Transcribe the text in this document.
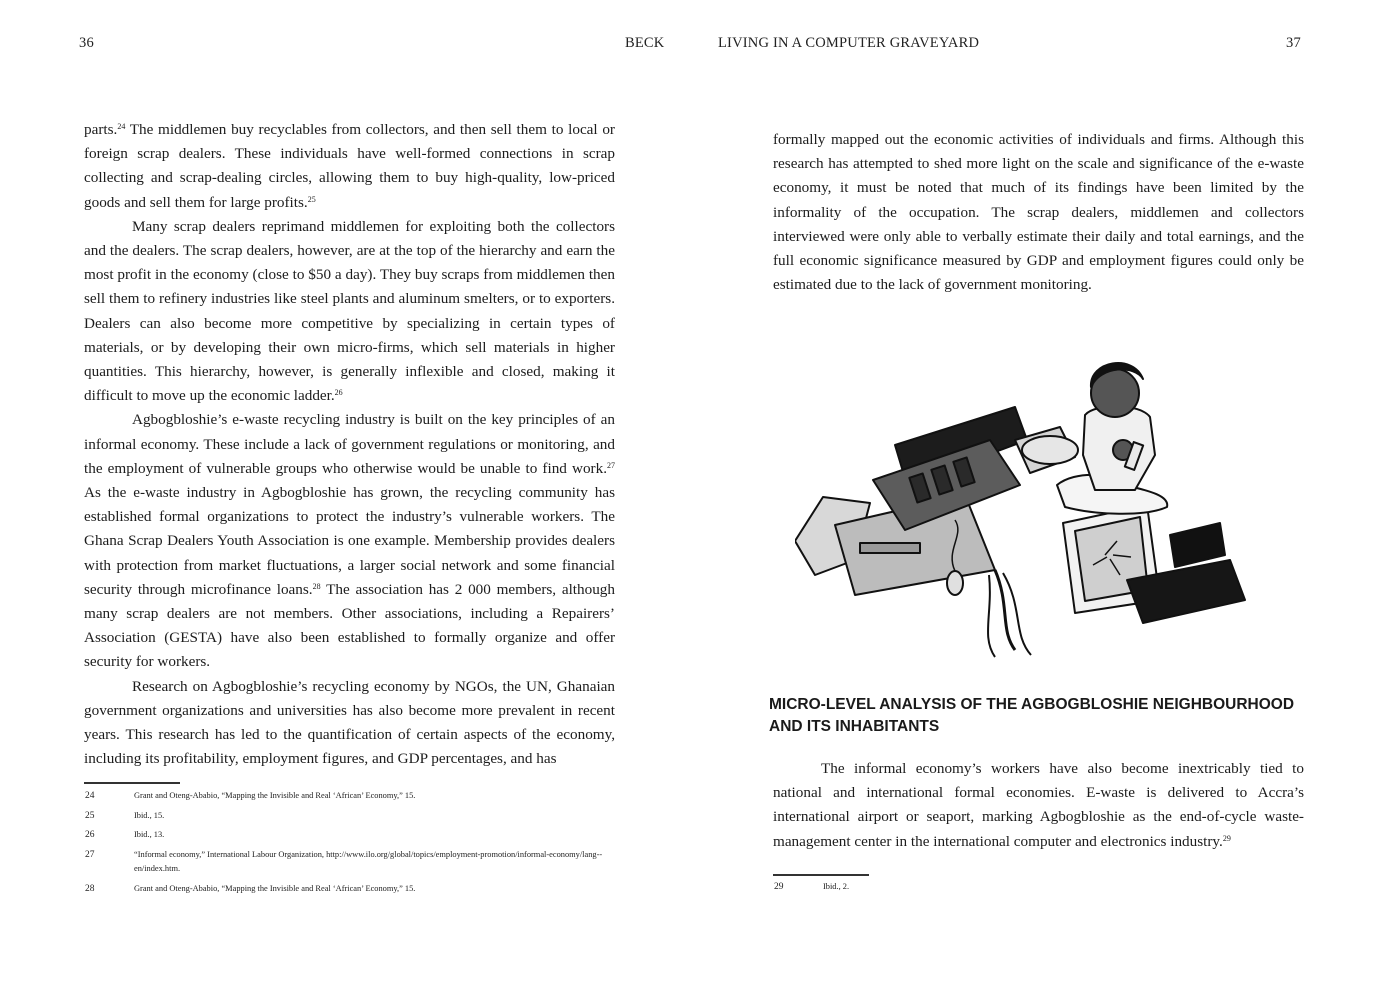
36	BECK

parts.$^{24}$ The middlemen buy recyclables from collectors, and then sell them to local or foreign scrap dealers. These individuals have well-formed connections in scrap collecting and scrap-dealing circles, allowing them to buy high-quality, low-priced goods and sell them for large profits.$^{25}$

Many scrap dealers reprimand middlemen for exploiting both the collectors and the dealers. The scrap dealers, however, are at the top of the hierarchy and earn the most profit in the economy (close to $50 a day). They buy scraps from middlemen then sell them to refinery industries like steel plants and aluminum smelters, or to exporters. Dealers can also become more competitive by specializing in certain types of materials, or by developing their own micro-firms, which sell materials in higher quantities. This hierarchy, however, is generally inflexible and closed, making it difficult to move up the economic ladder.$^{26}$

Agbogbloshie’s e-waste recycling industry is built on the key principles of an informal economy. These include a lack of government regulations or monitoring, and the employment of vulnerable groups who otherwise would be unable to find work.$^{27}$ As the e-waste industry in Agbogbloshie has grown, the recycling community has established formal organizations to protect the industry’s vulnerable workers. The Ghana Scrap Dealers Youth Association is one example. Membership provides dealers with protection from market fluctuations, a larger social network and some financial security through microfinance loans.$^{28}$ The association has 2 000 members, although many scrap dealers are not members. Other associations, including a Repairers’ Association (GESTA) have also been established to formally organize and offer security for workers.

Research on Agbogbloshie’s recycling economy by NGOs, the UN, Ghanaian government organizations and universities has also become more prevalent in recent years. This research has led to the quantification of certain aspects of the economy, including its profitability, employment figures, and GDP percentages, and has

24	Grant and Oteng-Ababio, “Mapping the Invisible and Real ‘African’ Economy,” 15.
25	Ibid., 15.
26	Ibid., 13.
27	“Informal economy,” International Labour Organization, http://www.ilo.org/global/topics/employment-promotion/informal-economy/lang--en/index.htm.
28	Grant and Oteng-Ababio, “Mapping the Invisible and Real ‘African’ Economy,” 15.
LIVING IN A COMPUTER GRAVEYARD	37

formally mapped out the economic activities of individuals and firms. Although this research has attempted to shed more light on the scale and significance of the e-waste economy, it must be noted that much of its findings have been limited by the informality of the occupation. The scrap dealers, middlemen and collectors interviewed were only able to verbally estimate their daily and total earnings, and the full economic significance measured by GDP and employment figures could only be estimated due to the lack of government monitoring.

MICRO-LEVEL ANALYSIS OF THE AGBOGBLOSHIE NEIGHBOURHOOD
AND ITS INHABITANTS

The informal economy’s workers have also become inextricably tied to national and international formal economies. E-waste is delivered to Accra’s international airport or seaport, marking Agbogbloshie as the end-of-cycle waste-management center in the international computer and electronics industry.$^{29}$

29	Ibid., 2.
